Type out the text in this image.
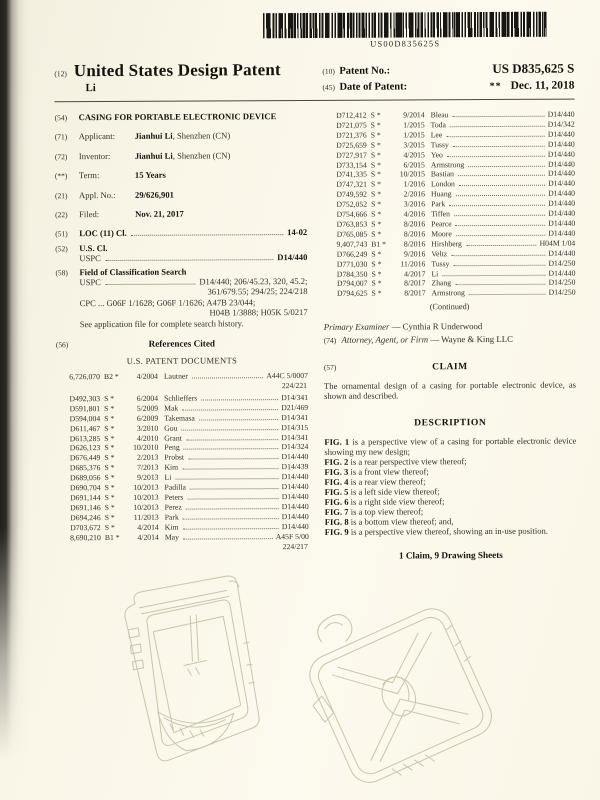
US00D835625S
(12) United States Design Patent
Li
(10) Patent No.:	US D835,625 S
(45) Date of Patent:	** Dec. 11, 2018
(54)	CASING FOR PORTABLE ELECTRONIC DEVICE
(71)	Applicant:	Jianhui Li, Shenzhen (CN)
(72)	Inventor:	Jianhui Li, Shenzhen (CN)
(**)	Term:	15 Years
(21)	Appl. No.:	29/626,901
(22)	Filed:	Nov. 21, 2017
(51)	LOC (11) Cl.	14-02
(52)	U.S. Cl.
USPC	D14/440
(58)	Field of Classification Search
USPC	D14/440; 206/45.23, 320, 45.2;
361/679.55; 294/25; 224/218
CPC ... G06F 1/1628; G06F 1/1626; A47B 23/044;
H04B 1/3888; H05K 5/0217
See application file for complete search history.
(56)	References Cited
U.S. PATENT DOCUMENTS
6,726,070 B2 *	4/2004 Lautner	A44C 5/0007
224/221
D492,303 S *	6/2004 Schlieffers	D14/341
D591,801 S *	5/2009 Mak	D21/469
D594,004 S *	6/2009 Takemasa	D14/341
D611,467 S *	3/2010 Gou	D14/315
D613,285 S *	4/2010 Grant	D14/341
D626,123 S *	10/2010 Peng	D14/324
D676,449 S *	2/2013 Probst	D14/440
D685,376 S *	7/2013 Kim	D14/439
D689,056 S *	9/2013 Li	D14/440
D690,704 S *	10/2013 Padilla	D14/440
D691,144 S *	10/2013 Peters	D14/440
D691,146 S *	10/2013 Perez	D14/440
D694,246 S *	11/2013 Park	D14/440
D703,672 S *	4/2014 Kim	D14/440
8,690,210 B1 *	4/2014 May	A45F 5/00
224/217
D712,412 S *	9/2014 Bleau	D14/440
D721,075 S *	1/2015 Toda	D14/342
D721,376 S *	1/2015 Lee	D14/440
D725,659 S *	3/2015 Tussy	D14/440
D727,917 S *	4/2015 Yeo	D14/440
D733,154 S *	6/2015 Armstrong	D14/440
D741,335 S *	10/2015 Bastian	D14/440
D747,321 S *	1/2016 London	D14/440
D749,592 S *	2/2016 Huang	D14/440
D752,052 S *	3/2016 Park	D14/440
D754,666 S *	4/2016 Tiffen	D14/440
D763,853 S *	8/2016 Pearce	D14/440
D765,085 S *	8/2016 Moore	D14/440
9,407,743 B1 *	8/2016 Hirshberg	H04M 1/04
D766,249 S *	9/2016 Veltz	D14/440
D771,030 S *	11/2016 Tussy	D14/250
D784,350 S *	4/2017 Li	D14/440
D794,007 S *	8/2017 Zhang	D14/250
D794,625 S *	8/2017 Armstrong	D14/250
(Continued)
Primary Examiner — Cynthia R Underwood
(74) Attorney, Agent, or Firm — Wayne & King LLC
(57)	CLAIM
The ornamental design of a casing for portable electronic device, as shown and described.
DESCRIPTION
FIG. 1 is a perspective view of a casing for portable electronic device showing my new design;
FIG. 2 is a rear perspective view thereof;
FIG. 3 is a front view thereof;
FIG. 4 is a rear view thereof;
FIG. 5 is a left side view thereof;
FIG. 6 is a right side view thereof;
FIG. 7 is a top view thereof;
FIG. 8 is a bottom view thereof; and,
FIG. 9 is a perspective view thereof, showing an in-use position.
1 Claim, 9 Drawing Sheets
